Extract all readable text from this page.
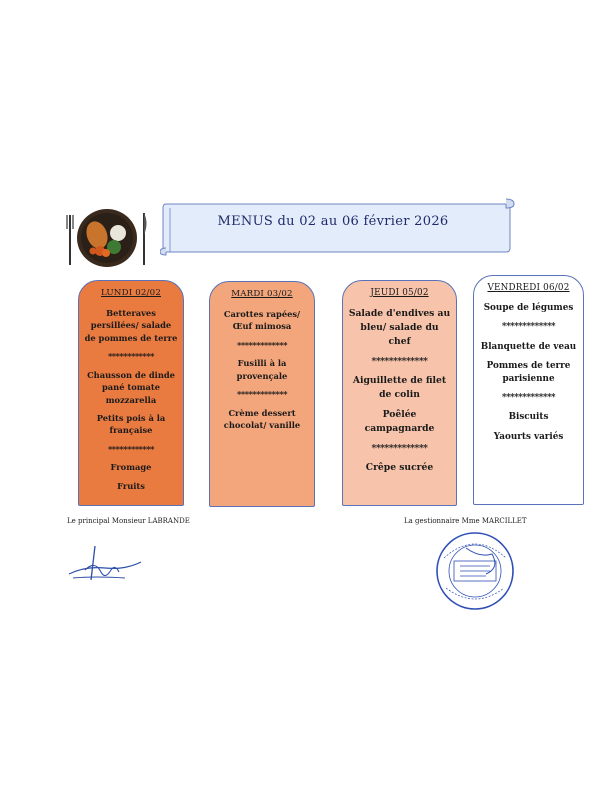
MENUS du 02 au 06 février 2026
LUNDI 02/02
Betteraves persillées/ salade de pommes de terre
************
Chausson de dinde pané tomate mozzarella
Petits pois à la française
************
Fromage
Fruits
MARDI 03/02
Carottes rapées/ Œuf mimosa
*************
Fusilli à la provençale
*************
Crème dessert chocolat/ vanille
JEUDI 05/02
Salade d'endives au bleu/ salade du chef
*************
Aiguillette de filet de colin
Poêlée campagnarde
*************
Crêpe sucrée
VENDREDI 06/02
Soupe de légumes
*************
Blanquette de veau
Pommes de terre parisienne
*************
Biscuits
Yaourts variés
Le principal Monsieur LABRANDE	La gestionnaire Mme MARCILLET
